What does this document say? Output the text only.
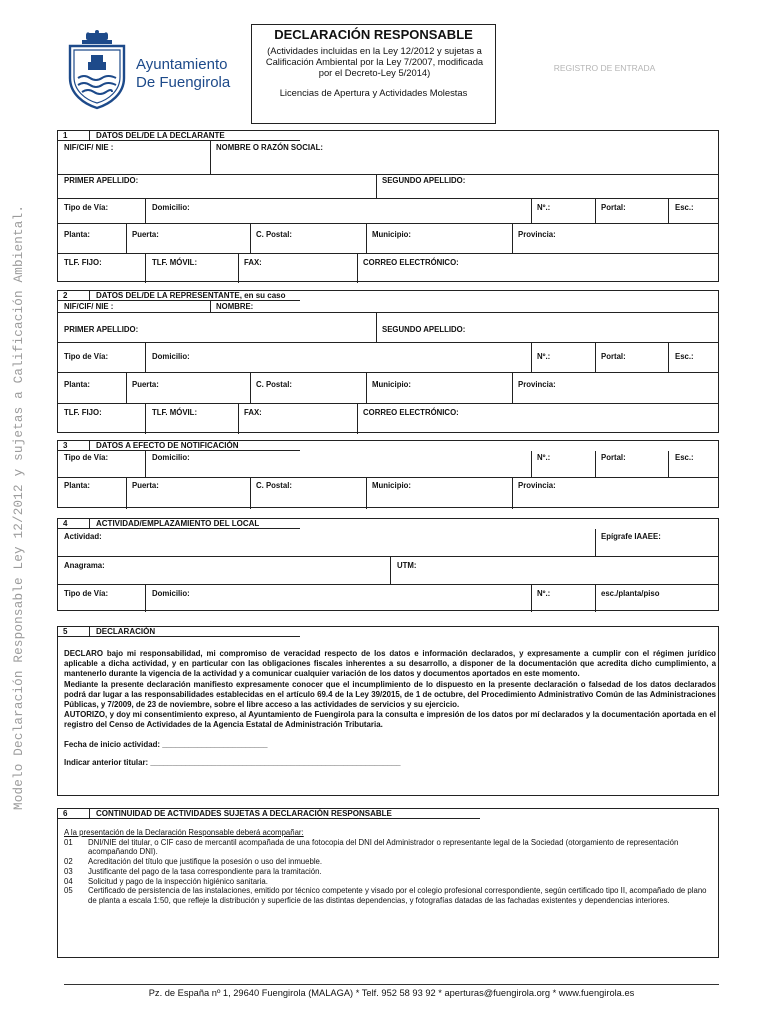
Modelo Declaración Responsable Ley 12/2012 y sujetas a Calificación Ambiental.
Ayuntamiento
De Fuengirola
DECLARACIÓN RESPONSABLE
(Actividades incluidas en la Ley 12/2012 y sujetas a Calificación Ambiental por la Ley 7/2007, modificada por el Decreto-Ley 5/2014)
Licencias de Apertura y Actividades Molestas
REGISTRO DE ENTRADA
1	DATOS DEL/DE LA DECLARANTE
NIF/CIF/ NIE :	NOMBRE O RAZÓN SOCIAL:
PRIMER APELLIDO:	SEGUNDO APELLIDO:
Tipo de Vía:	Domicilio:	Nº.:	Portal:	Esc.:
Planta:	Puerta:	C. Postal:	Municipio:	Provincia:
TLF. FIJO:	TLF. MÓVIL:	FAX:	CORREO ELECTRÓNICO:
2	DATOS DEL/DE LA REPRESENTANTE, en su caso
NIF/CIF/ NIE :	NOMBRE:
PRIMER APELLIDO:	SEGUNDO APELLIDO:
Tipo de Vía:	Domicilio:	Nº.:	Portal:	Esc.:
Planta:	Puerta:	C. Postal:	Municipio:	Provincia:
TLF. FIJO:	TLF. MÓVIL:	FAX:	CORREO ELECTRÓNICO:
3	DATOS A EFECTO DE NOTIFICACIÓN
Tipo de Vía:	Domicilio:	Nº.:	Portal:	Esc.:
Planta:	Puerta:	C. Postal:	Municipio:	Provincia:
4	ACTIVIDAD/EMPLAZAMIENTO DEL LOCAL
Actividad:	Epígrafe IAAEE:
Anagrama:	UTM:
Tipo de Vía:	Domicilio:	Nº.:	esc./planta/piso
5	DECLARACIÓN

DECLARO bajo mi responsabilidad, mi compromiso de veracidad respecto de los datos e información declarados, y expresamente a cumplir con el régimen jurídico aplicable a dicha actividad, y en particular con las obligaciones fiscales inherentes a su desarrollo, a disponer de la documentación que acredita dicho cumplimiento, a mantenerlo durante la vigencia de la actividad y a comunicar cualquier variación de los datos y documentos aportados en este momento.

Mediante la presente declaración manifiesto expresamente conocer que el incumplimiento de lo dispuesto en la presente declaración o falsedad de los datos declarados podrá dar lugar a las responsabilidades establecidas en el artículo 69.4 de la Ley 39/2015, de 1 de octubre, del Procedimiento Administrativo Común de las Administraciones Públicas, y 7/2009, de 23 de noviembre, sobre el libre acceso a las actividades de servicios y su ejercicio.

AUTORIZO, y doy mi consentimiento expreso, al Ayuntamiento de Fuengirola para la consulta e impresión de los datos por mí declarados y la documentación aportada en el registro del Censo de Actividades de la Agencia Estatal de Administración Tributaria.

Fecha de inicio actividad: ________________________

Indicar anterior titular: _________________________________________________________

6	CONTINUIDAD DE ACTIVIDADES SUJETAS A DECLARACIÓN RESPONSABLE
A la presentación de la Declaración Responsable deberá acompañar:
01	DNI/NIE del titular, o CIF caso de mercantil acompañada de una fotocopia del DNI del Administrador o representante legal de la Sociedad (otorgamiento de representación acompañando DNI).
02	Acreditación del título que justifique la posesión o uso del inmueble.
03	Justificante del pago de la tasa correspondiente para la tramitación.
04	Solicitud y pago de la inspección higiénico sanitaria.
05	Certificado de persistencia de las instalaciones, emitido por técnico competente y visado por el colegio profesional correspondiente, según certificado tipo II, acompañado de plano de planta a escala 1:50, que refleje la distribución y superficie de las distintas dependencias, y fotografías datadas de las fachadas existentes y dependencias interiores.
Pz. de España nº 1, 29640 Fuengirola (MALAGA) * Telf. 952 58 93 92 * aperturas@fuengirola.org * www.fuengirola.es
